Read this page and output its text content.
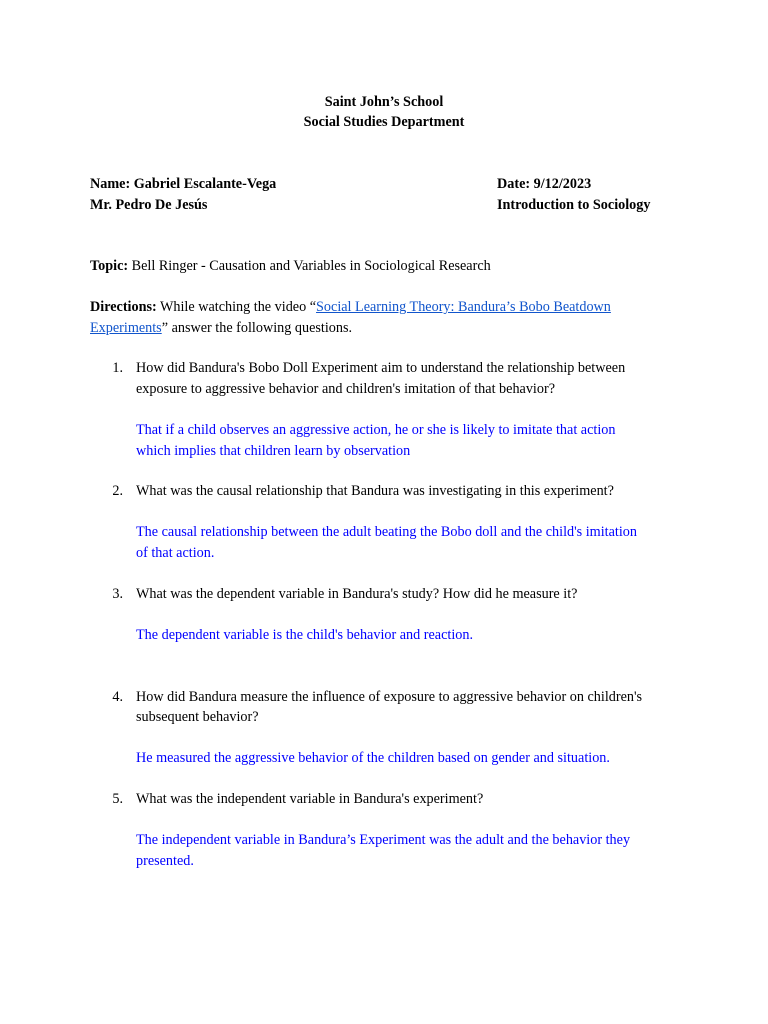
Saint John’s School
Social Studies Department
Name: Gabriel Escalante-Vega
Mr. Pedro De Jesús
Date: 9/12/2023
Introduction to Sociology
Topic: Bell Ringer - Causation and Variables in Sociological Research
Directions: While watching the video “Social Learning Theory: Bandura’s Bobo Beatdown
Experiments” answer the following questions.
1. How did Bandura's Bobo Doll Experiment aim to understand the relationship between
exposure to aggressive behavior and children's imitation of that behavior?
That if a child observes an aggressive action, he or she is likely to imitate that action
which implies that children learn by observation
2. What was the causal relationship that Bandura was investigating in this experiment?
The causal relationship between the adult beating the Bobo doll and the child's imitation
of that action.
3. What was the dependent variable in Bandura's study? How did he measure it?
The dependent variable is the child's behavior and reaction.
4. How did Bandura measure the influence of exposure to aggressive behavior on children's
subsequent behavior?
He measured the aggressive behavior of the children based on gender and situation.
5. What was the independent variable in Bandura's experiment?
The independent variable in Bandura’s Experiment was the adult and the behavior they
presented.
